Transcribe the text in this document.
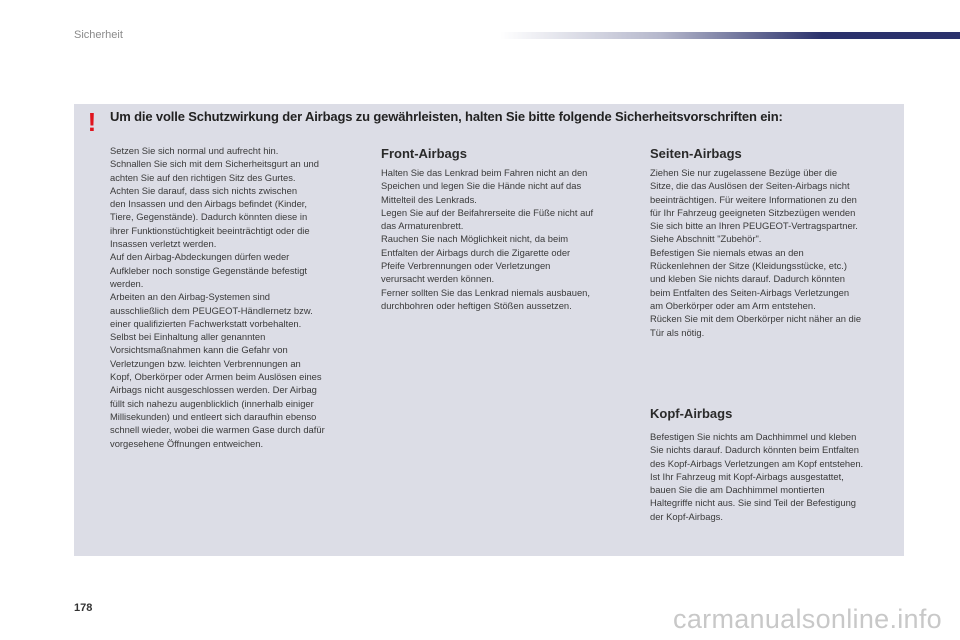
Sicherheit
! Um die volle Schutzwirkung der Airbags zu gewährleisten, halten Sie bitte folgende Sicherheitsvorschriften ein:
Setzen Sie sich normal und aufrecht hin.
Schnallen Sie sich mit dem Sicherheitsgurt an und
achten Sie auf den richtigen Sitz des Gurtes.
Achten Sie darauf, dass sich nichts zwischen
den Insassen und den Airbags befindet (Kinder,
Tiere, Gegenstände). Dadurch könnten diese in
ihrer Funktionstüchtigkeit beeinträchtigt oder die
Insassen verletzt werden.
Auf den Airbag-Abdeckungen dürfen weder
Aufkleber noch sonstige Gegenstände befestigt
werden.
Arbeiten an den Airbag-Systemen sind
ausschließlich dem PEUGEOT-Händlernetz bzw.
einer qualifizierten Fachwerkstatt vorbehalten.
Selbst bei Einhaltung aller genannten
Vorsichtsmaßnahmen kann die Gefahr von
Verletzungen bzw. leichten Verbrennungen an
Kopf, Oberkörper oder Armen beim Auslösen eines
Airbags nicht ausgeschlossen werden. Der Airbag
füllt sich nahezu augenblicklich (innerhalb einiger
Millisekunden) und entleert sich daraufhin ebenso
schnell wieder, wobei die warmen Gase durch dafür
vorgesehene Öffnungen entweichen.
Front-Airbags
Halten Sie das Lenkrad beim Fahren nicht an den
Speichen und legen Sie die Hände nicht auf das
Mittelteil des Lenkrads.
Legen Sie auf der Beifahrerseite die Füße nicht auf
das Armaturenbrett.
Rauchen Sie nach Möglichkeit nicht, da beim
Entfalten der Airbags durch die Zigarette oder
Pfeife Verbrennungen oder Verletzungen
verursacht werden können.
Ferner sollten Sie das Lenkrad niemals ausbauen,
durchbohren oder heftigen Stößen aussetzen.
Seiten-Airbags
Ziehen Sie nur zugelassene Bezüge über die
Sitze, die das Auslösen der Seiten-Airbags nicht
beeinträchtigen. Für weitere Informationen zu den
für Ihr Fahrzeug geeigneten Sitzbezügen wenden
Sie sich bitte an Ihren PEUGEOT-Vertragspartner.
Siehe Abschnitt "Zubehör".
Befestigen Sie niemals etwas an den
Rückenlehnen der Sitze (Kleidungsstücke, etc.)
und kleben Sie nichts darauf. Dadurch könnten
beim Entfalten des Seiten-Airbags Verletzungen
am Oberkörper oder am Arm entstehen.
Rücken Sie mit dem Oberkörper nicht näher an die
Tür als nötig.
Kopf-Airbags
Befestigen Sie nichts am Dachhimmel und kleben
Sie nichts darauf. Dadurch könnten beim Entfalten
des Kopf-Airbags Verletzungen am Kopf entstehen.
Ist Ihr Fahrzeug mit Kopf-Airbags ausgestattet,
bauen Sie die am Dachhimmel montierten
Haltegriffe nicht aus. Sie sind Teil der Befestigung
der Kopf-Airbags.
178	carmanualsonline.info
